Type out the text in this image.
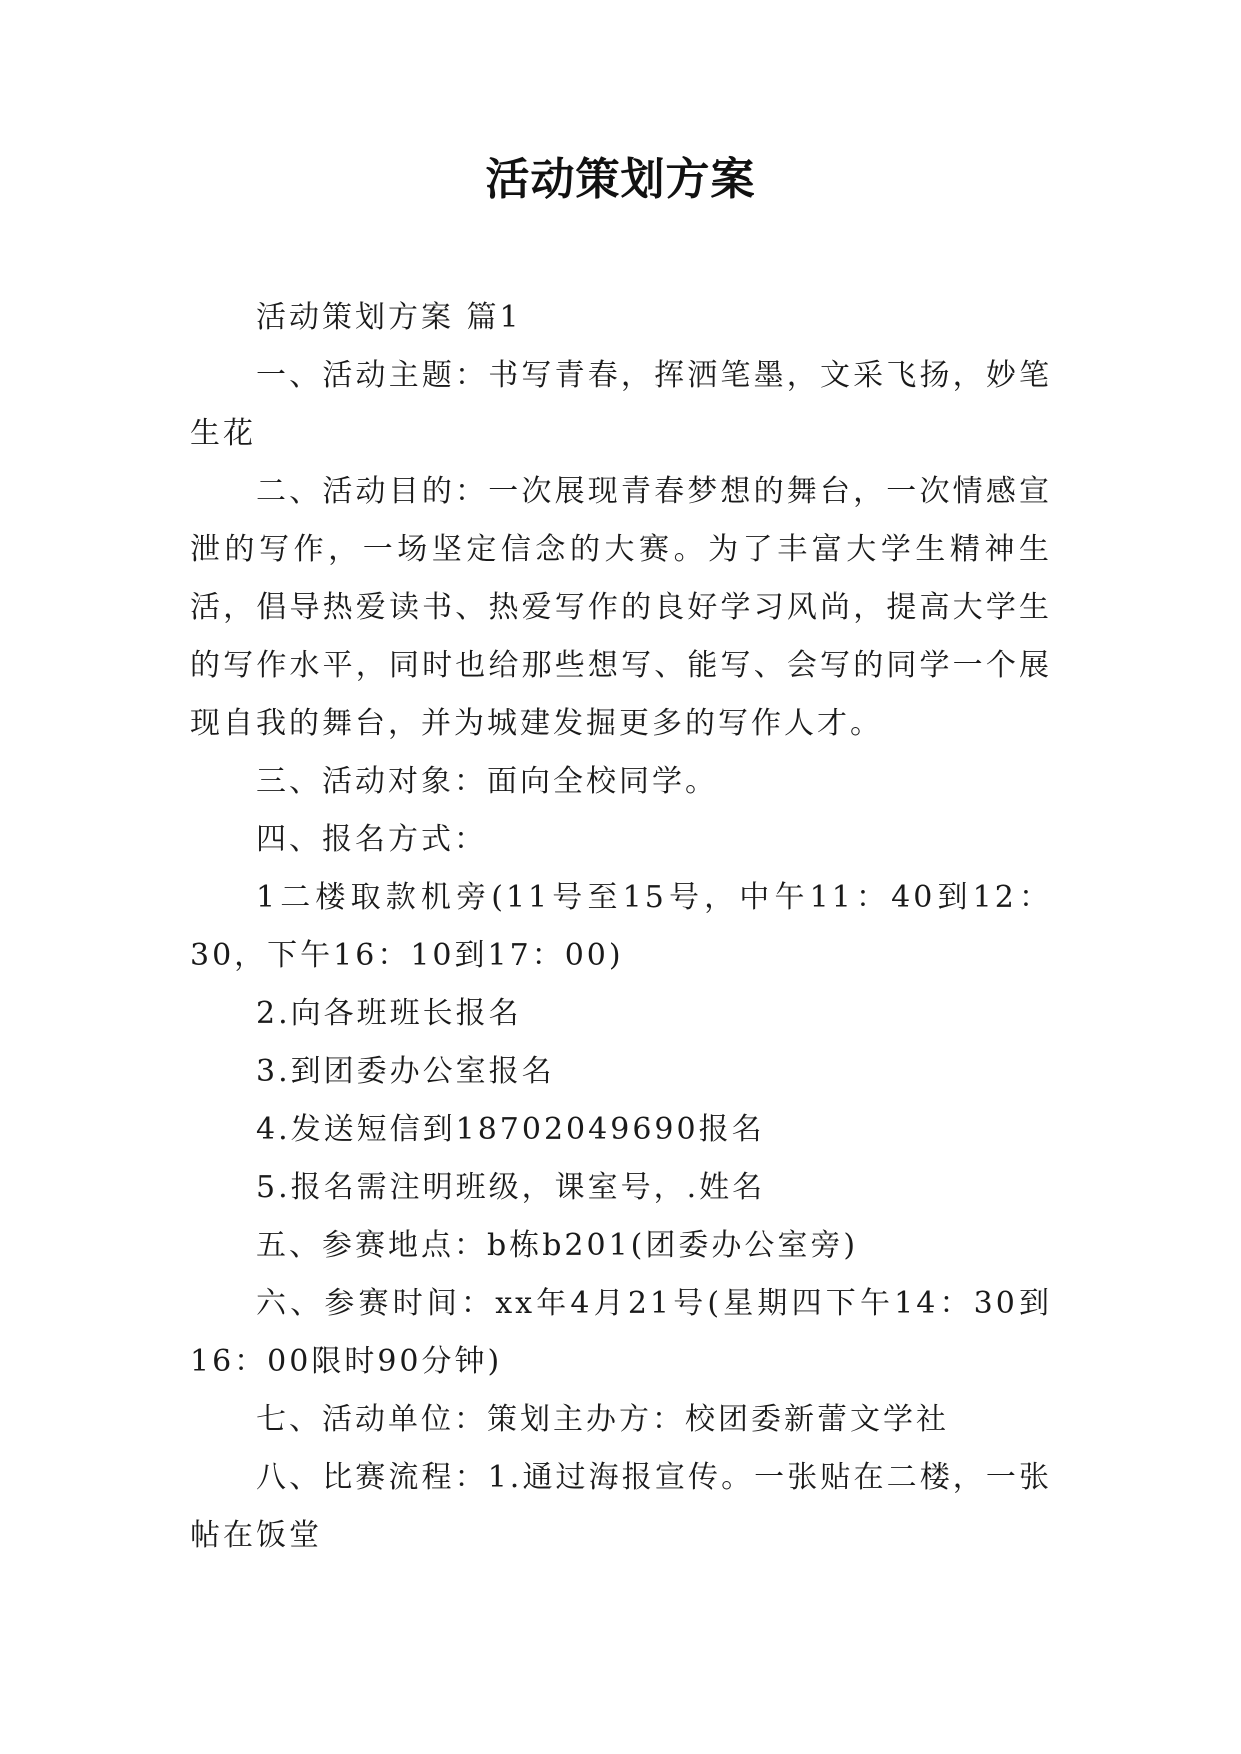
活动策划方案

活动策划方案 篇1

一、活动主题：书写青春，挥洒笔墨，文采飞扬，妙笔生花

二、活动目的：一次展现青春梦想的舞台，一次情感宣泄的写作，一场坚定信念的大赛。为了丰富大学生精神生活，倡导热爱读书、热爱写作的良好学习风尚，提高大学生的写作水平，同时也给那些想写、能写、会写的同学一个展现自我的舞台，并为城建发掘更多的写作人才。

三、活动对象：面向全校同学。

四、报名方式：

1二楼取款机旁(11号至15号，中午11：40到12：30，下午16：10到17：00)

2.向各班班长报名

3.到团委办公室报名

4.发送短信到18702049690报名

5.报名需注明班级，课室号，.姓名

五、参赛地点：b栋b201(团委办公室旁)

六、参赛时间：xx年4月21号(星期四下午14：30到16：00限时90分钟)

七、活动单位：策划主办方：校团委新蕾文学社

八、比赛流程：1.通过海报宣传。一张贴在二楼，一张帖在饭堂
